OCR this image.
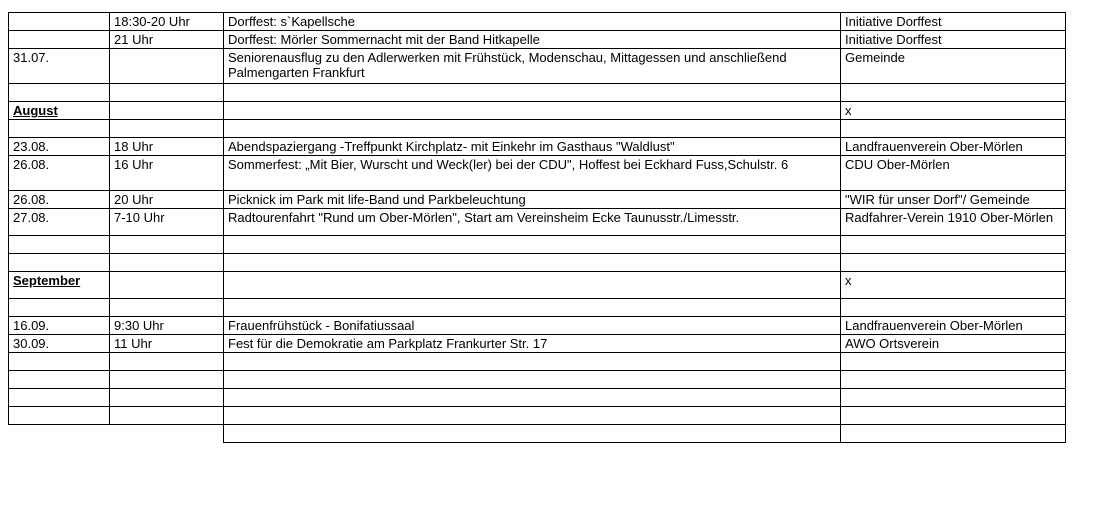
	18:30-20 Uhr	Dorffest: s`Kapellsche	Initiative Dorffest
	21 Uhr	Dorffest: Mörler Sommernacht mit der Band Hitkapelle	Initiative Dorffest
31.07.		Seniorenausflug zu den Adlerwerken mit Frühstück, Modenschau, Mittagessen und anschließend Palmengarten Frankfurt	Gemeinde

August			x

23.08.	18 Uhr	Abendspaziergang -Treffpunkt Kirchplatz- mit Einkehr im Gasthaus "Waldlust"	Landfrauenverein Ober-Mörlen
26.08.	16 Uhr	Sommerfest: „Mit Bier, Wurscht und Weck(ler) bei der CDU", Hoffest bei Eckhard Fuss,Schulstr. 6	CDU Ober-Mörlen
26.08.	20 Uhr	Picknick im Park mit life-Band und Parkbeleuchtung	"WIR für unser Dorf"/ Gemeinde
27.08.	7-10 Uhr	Radtourenfahrt "Rund um Ober-Mörlen", Start am Vereinsheim Ecke Taunusstr./Limesstr.	Radfahrer-Verein 1910 Ober-Mörlen

September			x

16.09.	9:30 Uhr	Frauenfrühstück - Bonifatiussaal	Landfrauenverein Ober-Mörlen
30.09.	11 Uhr	Fest für die Demokratie am Parkplatz Frankurter Str. 17	AWO Ortsverein
